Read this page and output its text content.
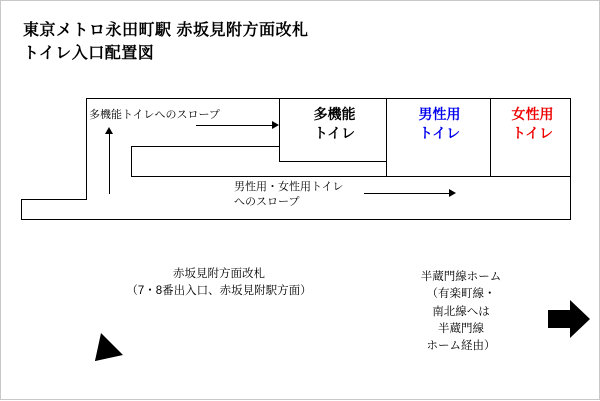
東京メトロ永田町駅 赤坂見附方面改札
トイレ入口配置図
多機能
トイレ
男性用
トイレ
女性用
トイレ
多機能トイレへのスロープ
男性用・女性用トイレ
へのスロープ
赤坂見附方面改札
（7・8番出入口、赤坂見附駅方面）
半蔵門線ホーム
（有楽町線・
南北線へは
半蔵門線
ホーム経由）
